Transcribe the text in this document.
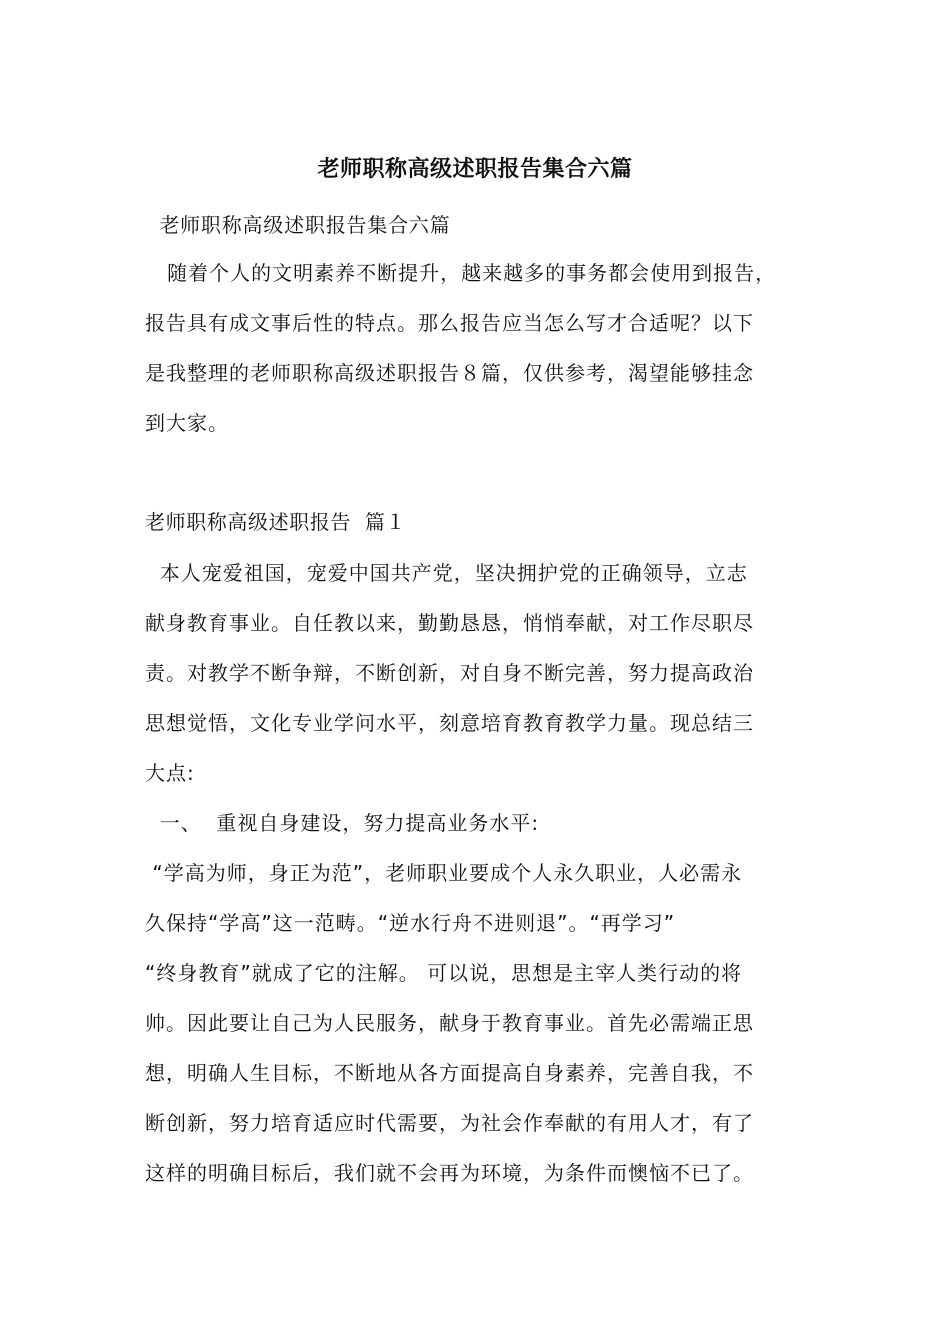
老师职称高级述职报告集合六篇
老师职称高级述职报告集合六篇
随着个人的文明素养不断提升，越来越多的事务都会使用到报告，
报告具有成文事后性的特点。那么报告应当怎么写才合适呢？以下
是我整理的老师职称高级述职报告８篇，仅供参考，渴望能够挂念
到大家。
老师职称高级述职报告  篇１
本人宠爱祖国，宠爱中国共产党，坚决拥护党的正确领导，立志
献身教育事业。自任教以来，勤勤恳恳，悄悄奉献，对工作尽职尽
责。对教学不断争辩，不断创新，对自身不断完善，努力提高政治
思想觉悟，文化专业学问水平，刻意培育教育教学力量。现总结三
大点:
一、  重视自身建设，努力提高业务水平:
“学高为师，身正为范”，老师职业要成个人永久职业，人必需永
久保持“学高”这一范畴。“逆水行舟不进则退”。“再学习”
“终身教育”就成了它的注解。 可以说，思想是主宰人类行动的将
帅。因此要让自己为人民服务，献身于教育事业。首先必需端正思
想，明确人生目标，不断地从各方面提高自身素养，完善自我，不
断创新，努力培育适应时代需要，为社会作奉献的有用人才，有了
这样的明确目标后，我们就不会再为环境，为条件而懊恼不已了。
